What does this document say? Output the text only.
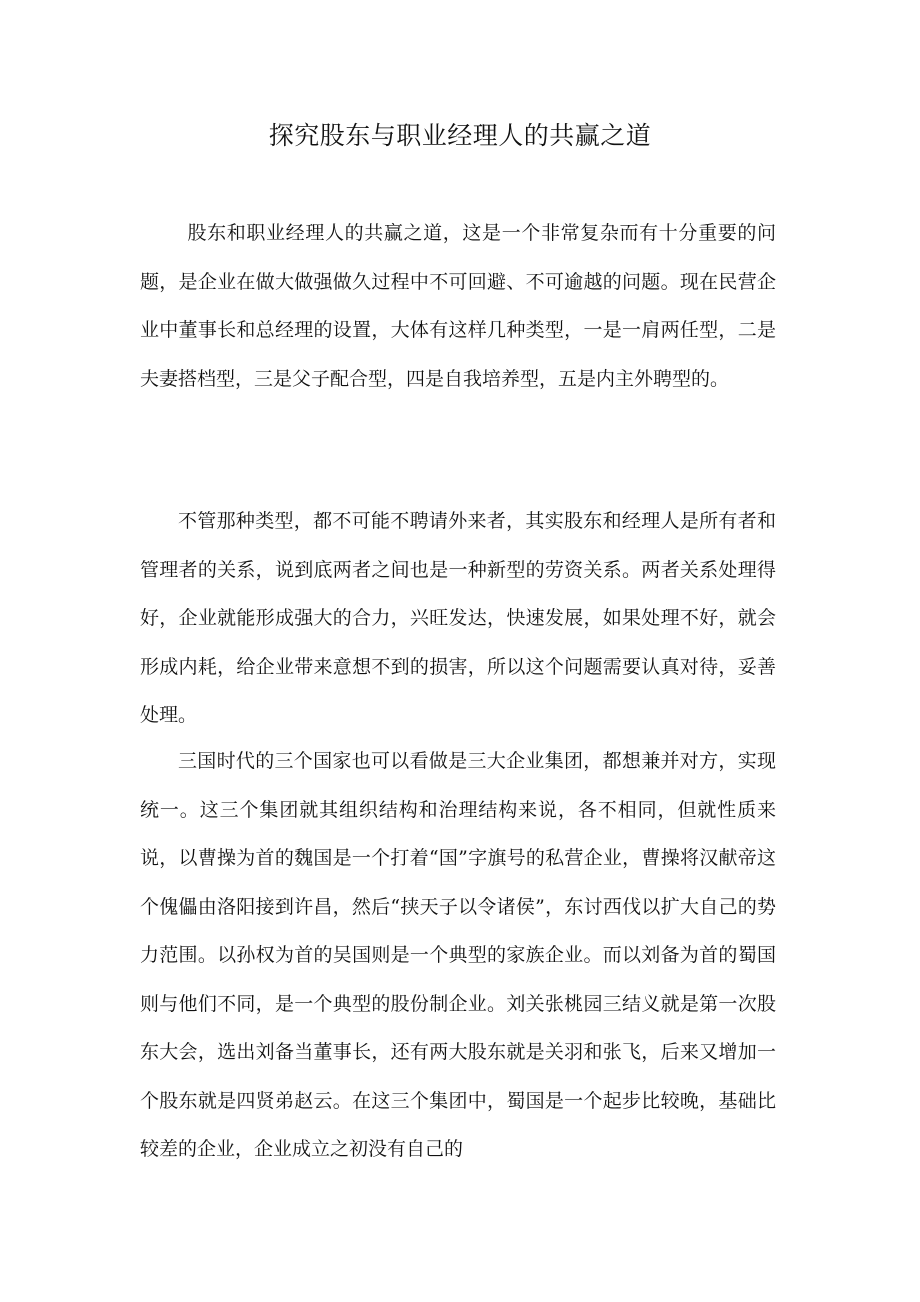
探究股东与职业经理人的共赢之道

股东和职业经理人的共赢之道，这是一个非常复杂而有十分重要的问题，是企业在做大做强做久过程中不可回避、不可逾越的问题。现在民营企业中董事长和总经理的设置，大体有这样几种类型，一是一肩两任型，二是夫妻搭档型，三是父子配合型，四是自我培养型，五是内主外聘型的。

不管那种类型，都不可能不聘请外来者，其实股东和经理人是所有者和管理者的关系，说到底两者之间也是一种新型的劳资关系。两者关系处理得好，企业就能形成强大的合力，兴旺发达，快速发展，如果处理不好，就会形成内耗，给企业带来意想不到的损害，所以这个问题需要认真对待，妥善处理。

三国时代的三个国家也可以看做是三大企业集团，都想兼并对方，实现统一。这三个集团就其组织结构和治理结构来说，各不相同，但就性质来说，以曹操为首的魏国是一个打着“国”字旗号的私营企业，曹操将汉献帝这个傀儡由洛阳接到许昌，然后“挟天子以令诸侯”，东讨西伐以扩大自己的势力范围。以孙权为首的吴国则是一个典型的家族企业。而以刘备为首的蜀国则与他们不同，是一个典型的股份制企业。刘关张桃园三结义就是第一次股东大会，选出刘备当董事长，还有两大股东就是关羽和张飞，后来又增加一个股东就是四贤弟赵云。在这三个集团中，蜀国是一个起步比较晚，基础比较差的企业，企业成立之初没有自己的
